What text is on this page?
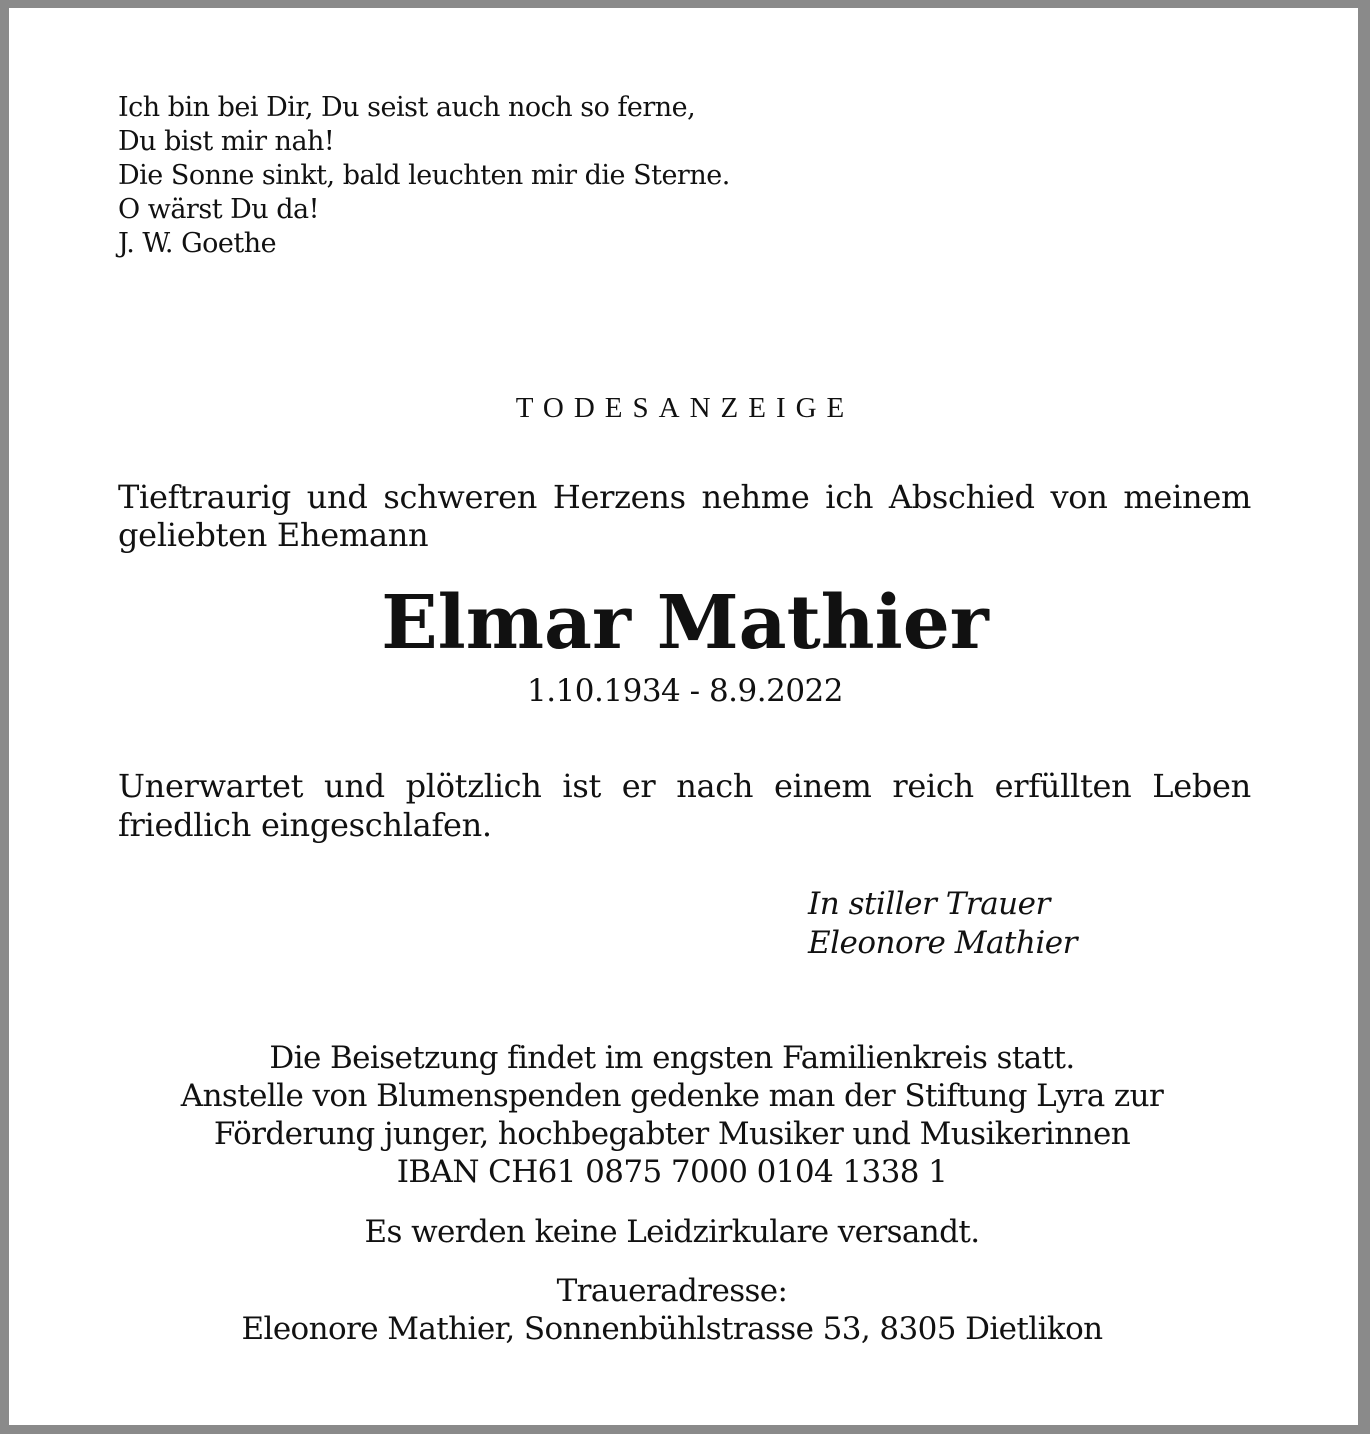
Ich bin bei Dir, Du seist auch noch so ferne,
Du bist mir nah!
Die Sonne sinkt, bald leuchten mir die Sterne.
O wärst Du da!
J. W. Goethe
TODESANZEIGE
Tieftraurig und schweren Herzens nehme ich Abschied von meinem geliebten Ehemann
Elmar Mathier
1.10.1934 - 8.9.2022
Unerwartet und plötzlich ist er nach einem reich erfüllten Leben friedlich eingeschlafen.
In stiller Trauer
Eleonore Mathier
Die Beisetzung findet im engsten Familienkreis statt.
Anstelle von Blumenspenden gedenke man der Stiftung Lyra zur
Förderung junger, hochbegabter Musiker und Musikerinnen
IBAN CH61 0875 7000 0104 1338 1
Es werden keine Leidzirkulare versandt.
Traueradresse:
Eleonore Mathier, Sonnenbühlstrasse 53, 8305 Dietlikon
